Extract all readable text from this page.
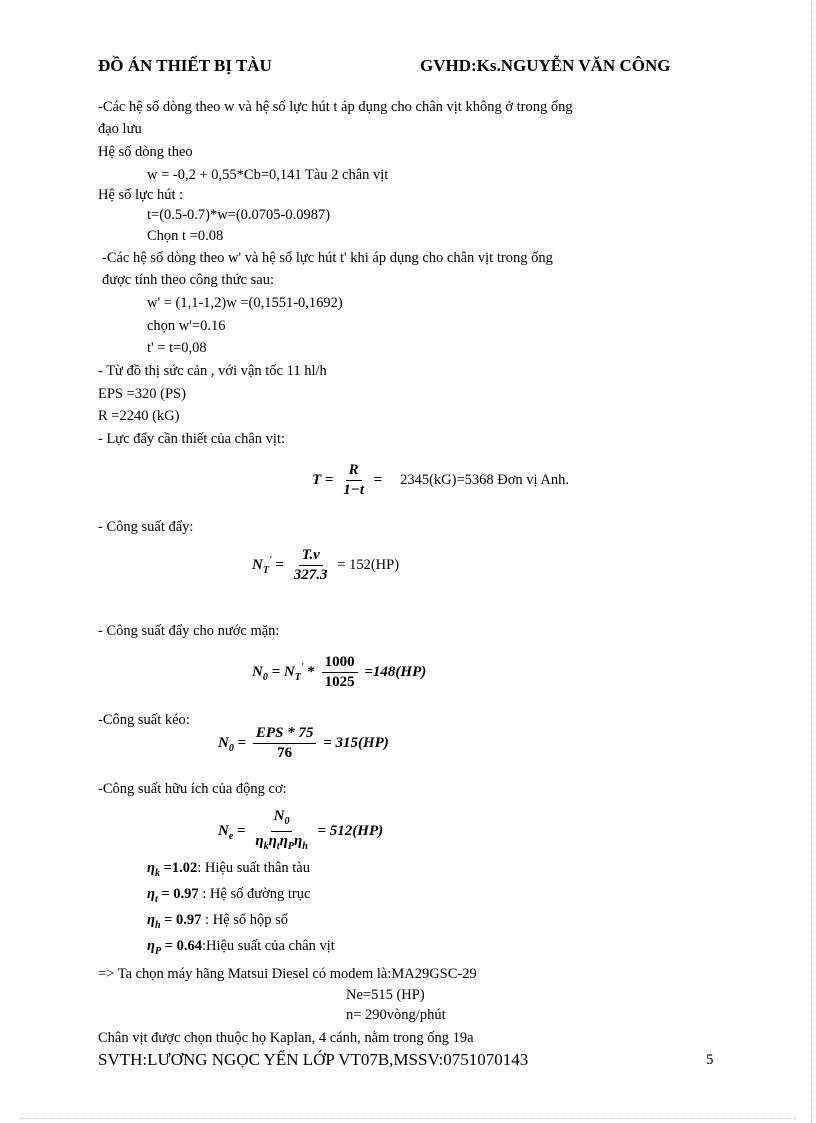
ĐỒ ÁN THIẾT BỊ TÀU	GVHD:Ks.NGUYỄN VĂN CÔNG
-Các hệ số dòng theo w và hệ số lực hút t áp dụng cho chân vịt không ở trong ống
đạo lưu
Hệ số dòng theo
w = -0,2 + 0,55*Cb=0,141 Tàu 2 chân vịt
Hệ số lực hút :
t=(0.5-0.7)*w=(0.0705-0.0987)
Chọn t =0.08
-Các hệ số dòng theo w' và hệ số lực hút t' khi áp dụng cho chân vịt trong ống
được tính theo công thức sau:
w' = (1,1-1,2)w =(0,1551-0,1692)
chọn w'=0.16
t' = t=0,08
- Từ đồ thị sức cản , với vận tốc 11 hl/h
EPS =320 (PS)
R =2240 (kG)
- Lực đẩy cần thiết của chân vịt:
$T = \frac{R}{1-t} = 2345(kG)=5368$ Đơn vị Anh.
- Công suất đẩy:
$N_T' = \frac{T.v}{327.3} = 152(HP)$
- Công suất đẩy cho nước mặn:
$N_0 = N_T' * \frac{1000}{1025} =148(HP)$
-Công suất kéo:
$N_0 = \frac{\text{EPS * 75}}{76} = 315(HP)$
-Công suất hữu ích của động cơ:
$N_e = \frac{N_0}{\eta_k\eta_t\eta_P\eta_h} = 512(HP)$
$\eta_k =1.02$: Hiệu suất thân tàu
$\eta_t = 0.97$ : Hệ số đường trục
$\eta_h = 0.97$ : Hệ số hộp số
$\eta_P$ = 0.64:Hiệu suất của chân vịt
=> Ta chọn máy hãng Matsui Diesel có modem là:MA29GSC-29
Ne=515 (HP)
n= 290vòng/phút
Chân vịt được chọn thuộc họ Kaplan, 4 cánh, nằm trong ống 19a
SVTH:LƯƠNG NGỌC YẾN LỚP VT07B,MSSV:0751070143	5
